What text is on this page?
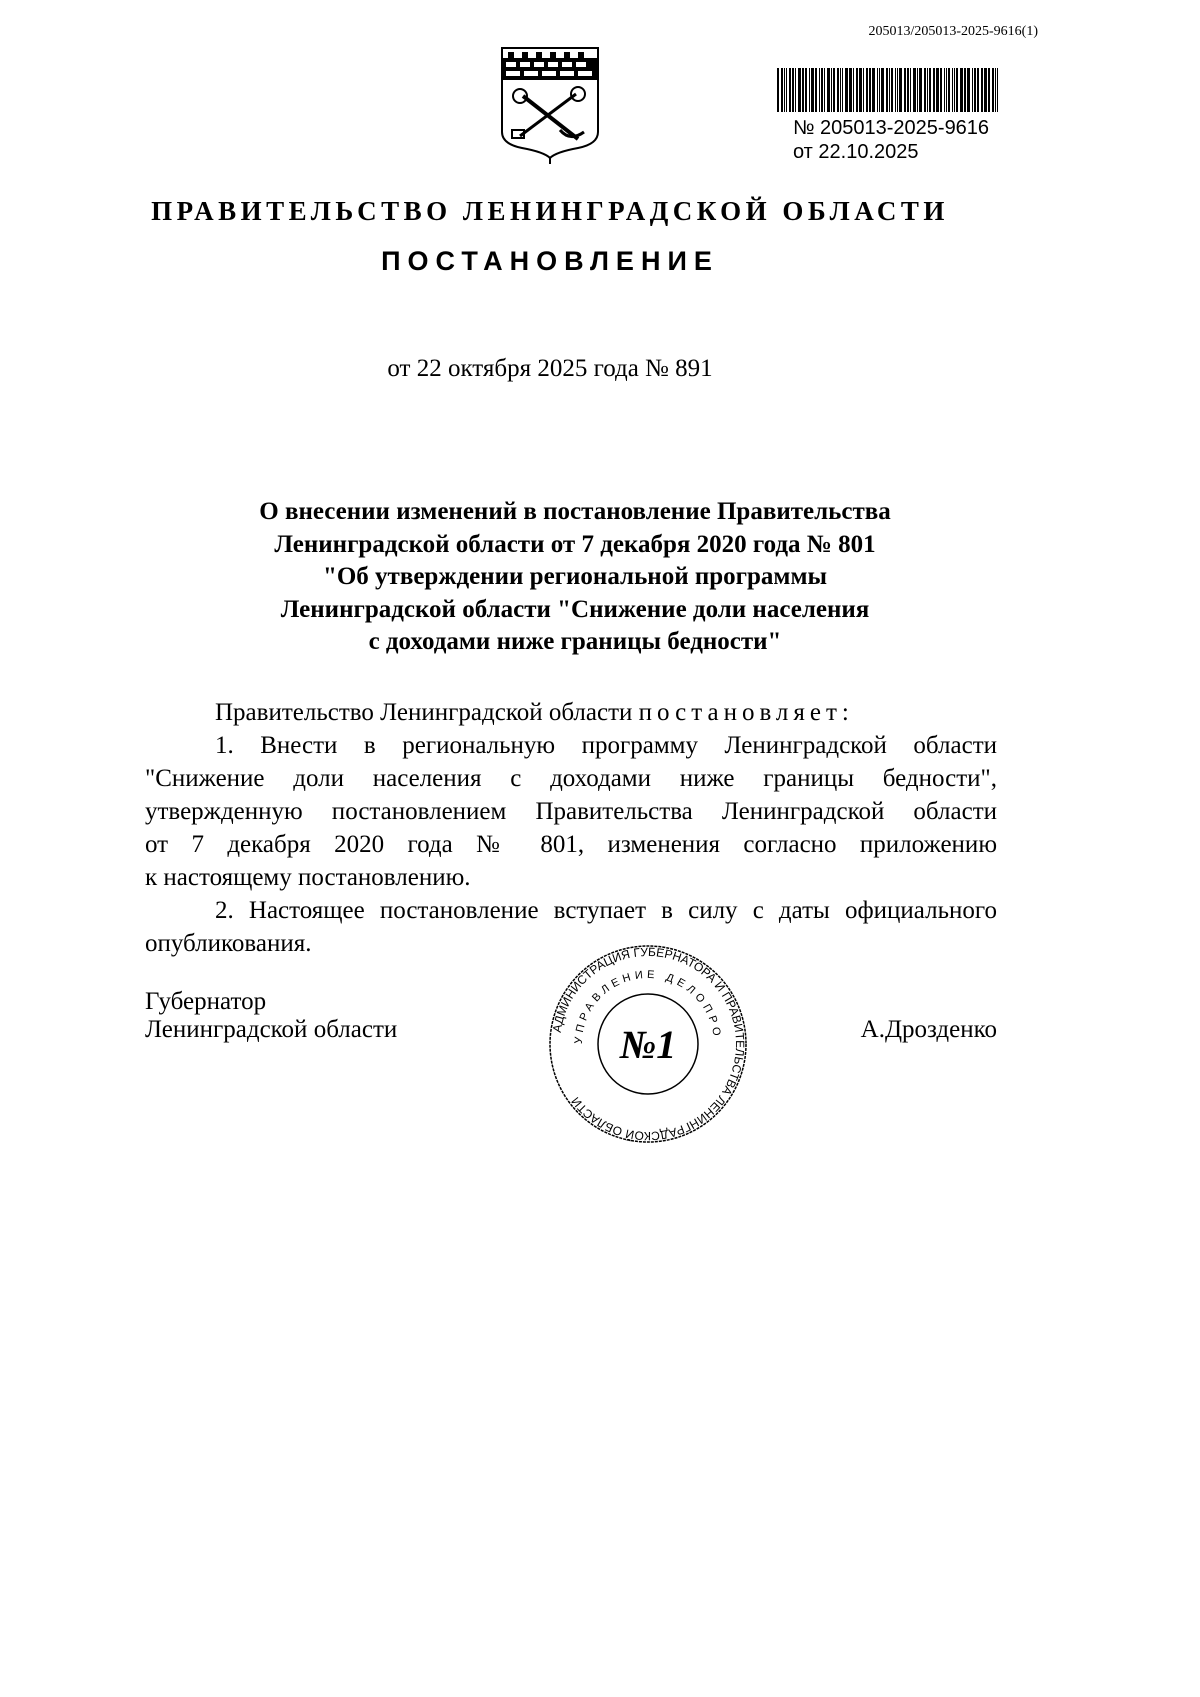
205013/205013-2025-9616(1)
№ 205013-2025-9616
от 22.10.2025
ПРАВИТЕЛЬСТВО ЛЕНИНГРАДСКОЙ ОБЛАСТИ
ПОСТАНОВЛЕНИЕ
от 22 октября 2025 года № 891
О внесении изменений в постановление Правительства
Ленинградской области от 7 декабря 2020 года № 801
"Об утверждении региональной программы
Ленинградской области "Снижение доли населения
с доходами ниже границы бедности"
Правительство Ленинградской области постановляет:
1. Внести в региональную программу Ленинградской области
"Снижение доли населения с доходами ниже границы бедности",
утвержденную постановлением Правительства Ленинградской области
от 7 декабря 2020 года № 801, изменения согласно приложению
к настоящему постановлению.
2. Настоящее постановление вступает в силу с даты официального
опубликования.
Губернатор
Ленинградской области	А.Дрозденко
АДМИНИСТРАЦИЯ ГУБЕРНАТОРА И ПРАВИТЕЛЬСТВА ЛЕНИНГРАДСКОЙ ОБЛАСТИ
УПРАВЛЕНИЕ ДЕЛОПРО
№1
